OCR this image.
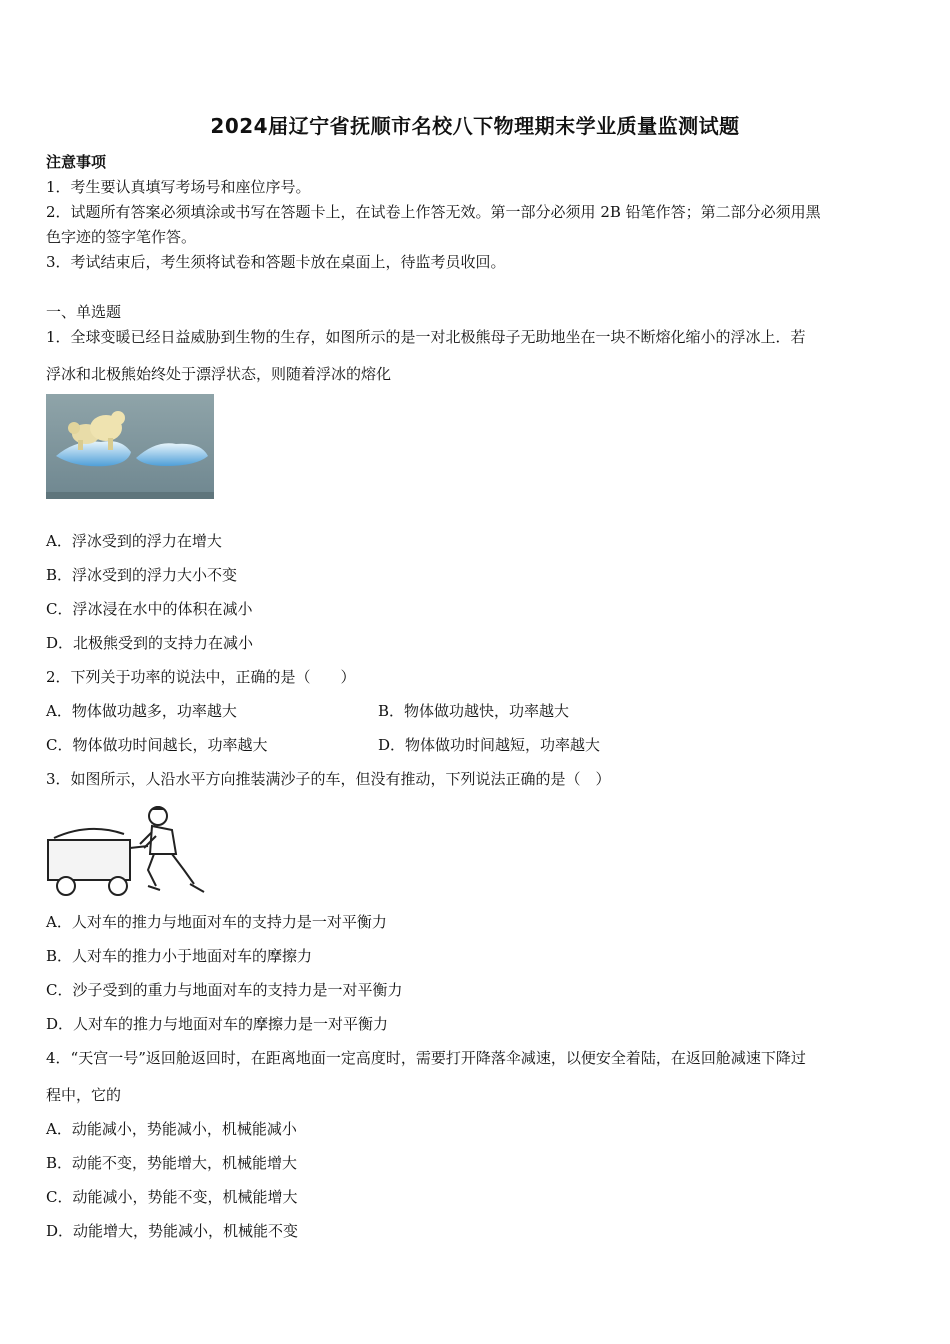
2024届辽宁省抚顺市名校八下物理期末学业质量监测试题
注意事项
1．考生要认真填写考场号和座位序号。
2．试题所有答案必须填涂或书写在答题卡上，在试卷上作答无效。第一部分必须用 2B 铅笔作答；第二部分必须用黑
色字迹的签字笔作答。
3．考试结束后，考生须将试卷和答题卡放在桌面上，待监考员收回。
一、单选题
1．全球变暖已经日益威胁到生物的生存，如图所示的是一对北极熊母子无助地坐在一块不断熔化缩小的浮冰上．若
浮冰和北极熊始终处于漂浮状态，则随着浮冰的熔化
A．浮冰受到的浮力在增大
B．浮冰受到的浮力大小不变
C．浮冰浸在水中的体积在减小
D．北极熊受到的支持力在减小
2．下列关于功率的说法中，正确的是（　　）
A．物体做功越多，功率越大	B．物体做功越快，功率越大
C．物体做功时间越长，功率越大	D．物体做功时间越短，功率越大
3．如图所示，人沿水平方向推装满沙子的车，但没有推动，下列说法正确的是（　）
A．人对车的推力与地面对车的支持力是一对平衡力
B．人对车的推力小于地面对车的摩擦力
C．沙子受到的重力与地面对车的支持力是一对平衡力
D．人对车的推力与地面对车的摩擦力是一对平衡力
4．“天宫一号”返回舱返回时，在距离地面一定高度时，需要打开降落伞减速，以便安全着陆，在返回舱减速下降过
程中，它的
A．动能减小，势能减小，机械能减小
B．动能不变，势能增大，机械能增大
C．动能减小，势能不变，机械能增大
D．动能增大，势能减小，机械能不变
